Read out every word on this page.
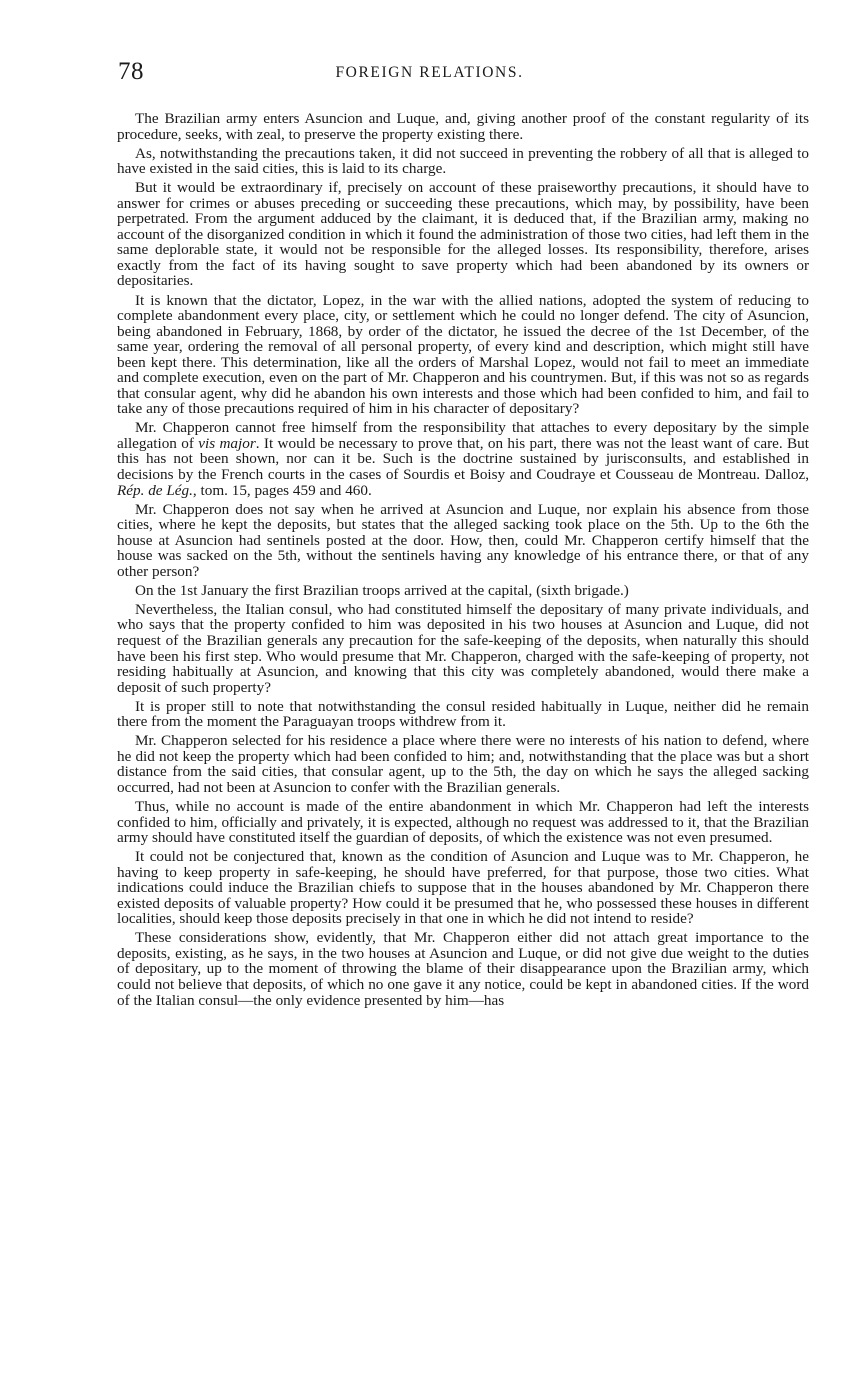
78	FOREIGN RELATIONS.

The Brazilian army enters Asuncion and Luque, and, giving another proof of the constant regularity of its procedure, seeks, with zeal, to preserve the property existing there.

As, notwithstanding the precautions taken, it did not succeed in preventing the robbery of all that is alleged to have existed in the said cities, this is laid to its charge.

But it would be extraordinary if, precisely on account of these praiseworthy precautions, it should have to answer for crimes or abuses preceding or succeeding these precautions, which may, by possibility, have been perpetrated. From the argument adduced by the claimant, it is deduced that, if the Brazilian army, making no account of the disorganized condition in which it found the administration of those two cities, had left them in the same deplorable state, it would not be responsible for the alleged losses. Its responsibility, therefore, arises exactly from the fact of its having sought to save property which had been abandoned by its owners or depositaries.

It is known that the dictator, Lopez, in the war with the allied nations, adopted the system of reducing to complete abandonment every place, city, or settlement which he could no longer defend. The city of Asuncion, being abandoned in February, 1868, by order of the dictator, he issued the decree of the 1st December, of the same year, ordering the removal of all personal property, of every kind and description, which might still have been kept there. This determination, like all the orders of Marshal Lopez, would not fail to meet an immediate and complete execution, even on the part of Mr. Chapperon and his countrymen. But, if this was not so as regards that consular agent, why did he abandon his own interests and those which had been confided to him, and fail to take any of those precautions required of him in his character of depositary?

Mr. Chapperon cannot free himself from the responsibility that attaches to every depositary by the simple allegation of vis major. It would be necessary to prove that, on his part, there was not the least want of care. But this has not been shown, nor can it be. Such is the doctrine sustained by jurisconsults, and established in decisions by the French courts in the cases of Sourdis et Boisy and Coudraye et Cousseau de Montreau. Dalloz, Rép. de Lég., tom. 15, pages 459 and 460.

Mr. Chapperon does not say when he arrived at Asuncion and Luque, nor explain his absence from those cities, where he kept the deposits, but states that the alleged sacking took place on the 5th. Up to the 6th the house at Asuncion had sentinels posted at the door. How, then, could Mr. Chapperon certify himself that the house was sacked on the 5th, without the sentinels having any knowledge of his entrance there, or that of any other person?

On the 1st January the first Brazilian troops arrived at the capital, (sixth brigade.)

Nevertheless, the Italian consul, who had constituted himself the depositary of many private individuals, and who says that the property confided to him was deposited in his two houses at Asuncion and Luque, did not request of the Brazilian generals any precaution for the safe-keeping of the deposits, when naturally this should have been his first step. Who would presume that Mr. Chapperon, charged with the safe-keeping of property, not residing habitually at Asuncion, and knowing that this city was completely abandoned, would there make a deposit of such property?

It is proper still to note that notwithstanding the consul resided habitually in Luque, neither did he remain there from the moment the Paraguayan troops withdrew from it.

Mr. Chapperon selected for his residence a place where there were no interests of his nation to defend, where he did not keep the property which had been confided to him; and, notwithstanding that the place was but a short distance from the said cities, that consular agent, up to the 5th, the day on which he says the alleged sacking occurred, had not been at Asuncion to confer with the Brazilian generals.

Thus, while no account is made of the entire abandonment in which Mr. Chapperon had left the interests confided to him, officially and privately, it is expected, although no request was addressed to it, that the Brazilian army should have constituted itself the guardian of deposits, of which the existence was not even presumed.

It could not be conjectured that, known as the condition of Asuncion and Luque was to Mr. Chapperon, he having to keep property in safe-keeping, he should have preferred, for that purpose, those two cities. What indications could induce the Brazilian chiefs to suppose that in the houses abandoned by Mr. Chapperon there existed deposits of valuable property? How could it be presumed that he, who possessed these houses in different localities, should keep those deposits precisely in that one in which he did not intend to reside?

These considerations show, evidently, that Mr. Chapperon either did not attach great importance to the deposits, existing, as he says, in the two houses at Asuncion and Luque, or did not give due weight to the duties of depositary, up to the moment of throwing the blame of their disappearance upon the Brazilian army, which could not believe that deposits, of which no one gave it any notice, could be kept in abandoned cities. If the word of the Italian consul—the only evidence presented by him—has
